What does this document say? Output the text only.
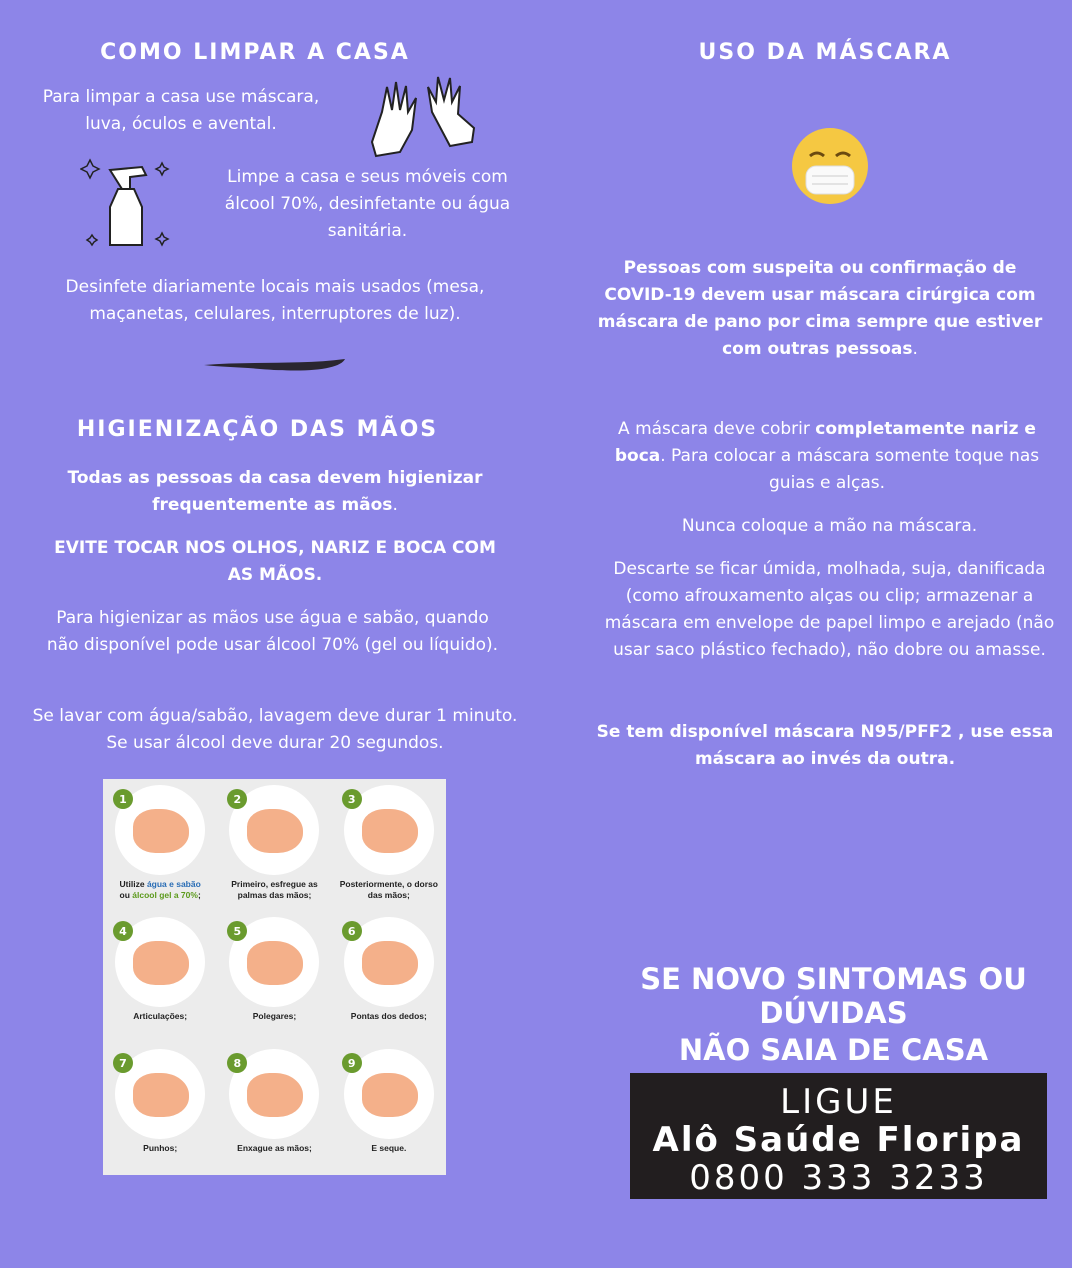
COMO LIMPAR A CASA
Para limpar a casa use máscara, luva, óculos e avental.
Limpe a casa e seus móveis com álcool 70%, desinfetante ou água sanitária.
Desinfete diariamente locais mais usados (mesa, maçanetas, celulares, interruptores de luz).
HIGIENIZAÇÃO DAS MÃOS
Todas as pessoas da casa devem higienizar frequentemente as mãos.
EVITE TOCAR NOS OLHOS, NARIZ E BOCA COM AS MÃOS.
Para higienizar as mãos use água e sabão, quando não disponível pode usar álcool 70% (gel ou líquido).
Se lavar com água/sabão, lavagem deve durar 1 minuto. Se usar álcool deve durar 20 segundos.
1
Utilize água e sabão
ou álcool gel a 70%;
2
Primeiro, esfregue as palmas das mãos;
3
Posteriormente, o dorso das mãos;
4
Articulações;
5
Polegares;
6
Pontas dos dedos;
7
Punhos;
8
Enxague as mãos;
9
E seque.
USO DA MÁSCARA
Pessoas com suspeita ou confirmação de COVID-19 devem usar máscara cirúrgica com máscara de pano por cima sempre que estiver com outras pessoas.
A máscara deve cobrir completamente nariz e boca. Para colocar a máscara somente toque nas guias e alças.
Nunca coloque a mão na máscara.
Descarte se ficar úmida, molhada, suja, danificada (como afrouxamento alças ou clip; armazenar a máscara em envelope de papel limpo e arejado (não usar saco plástico fechado), não dobre ou amasse.
Se tem disponível máscara N95/PFF2 , use essa máscara ao invés da outra.
SE NOVO SINTOMAS OU DÚVIDAS
NÃO SAIA DE CASA
LIGUE
Alô Saúde Floripa
0800 333 3233
